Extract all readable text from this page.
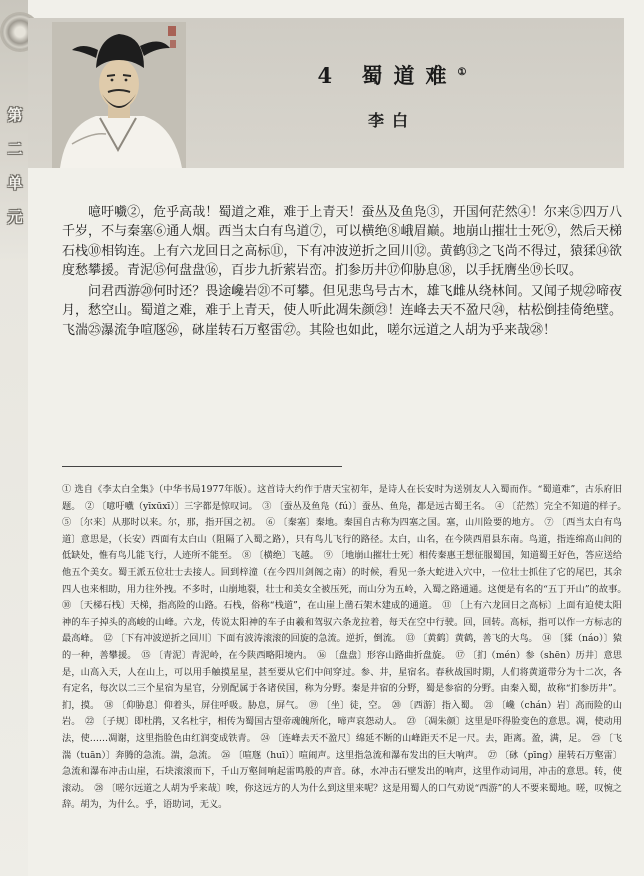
第二单元
4 蜀道难①
李白

噫吁嚱②，危乎高哉！蜀道之难，难于上青天！蚕丛及鱼凫③，开国何茫然④！尔来⑤四万八千岁，不与秦塞⑥通人烟。西当太白有鸟道⑦，可以横绝⑧峨眉巅。地崩山摧壮士死⑨，然后天梯石栈⑩相钩连。上有六龙回日之高标⑪，下有冲波逆折之回川⑫。黄鹤⑬之飞尚不得过，猿猱⑭欲度愁攀援。青泥⑮何盘盘⑯，百步九折萦岩峦。扪参历井⑰仰胁息⑱，以手抚膺坐⑲长叹。

问君西游⑳何时还？畏途巉岩㉑不可攀。但见悲鸟号古木，雄飞雌从绕林间。又闻子规㉒啼夜月，愁空山。蜀道之难，难于上青天，使人听此凋朱颜㉓！连峰去天不盈尺㉔，枯松倒挂倚绝壁。飞湍㉕瀑流争喧豗㉖，砯崖转石万壑雷㉗。其险也如此，嗟尔远道之人胡为乎来哉㉘！

① 选自《李太白全集》（中华书局1977年版）。这首诗大约作于唐天宝初年，是诗人在长安时为送别友人入蜀而作。“蜀道难”，古乐府旧题。　② 〔噫吁嚱（yīxūxī）〕三字都是惊叹词。　③ 〔蚕丛及鱼凫（fú）〕蚕丛、鱼凫，都是远古蜀王名。　④ 〔茫然〕完全不知道的样子。　⑤ 〔尔来〕从那时以来。尔，那，指开国之初。　⑥ 〔秦塞〕秦地。秦国自古称为四塞之国。塞，山川险要的地方。　⑦ 〔西当太白有鸟道〕意思是，（长安）西面有太白山（阻隔了入蜀之路），只有鸟儿飞行的路径。太白，山名，在今陕西眉县东南。鸟道，指连绵高山间的低缺处，惟有鸟儿能飞行，人迹所不能至。　⑧ 〔横绝〕飞越。　⑨ 〔地崩山摧壮士死〕相传秦惠王想征服蜀国，知道蜀王好色，答应送给他五个美女。蜀王派五位壮士去接人。回到梓潼（在今四川剑阁之南）的时候，看见一条大蛇进入穴中，一位壮士抓住了它的尾巴，其余四人也来相助，用力往外拽。不多时，山崩地裂，壮士和美女全被压死，而山分为五岭，入蜀之路通通。这便是有名的“五丁开山”的故事。　⑩ 〔天梯石栈〕天梯，指高险的山路。石栈，俗称“栈道”，在山崖上凿石架木建成的通道。　⑪ 〔上有六龙回日之高标〕上面有迫使太阳神的车子掉头的高峻的山峰。六龙，传说太阳神的车子由羲和驾驭六条龙拉着，每天在空中行驶。回，回转。高标，指可以作一方标志的最高峰。　⑫ 〔下有冲波逆折之回川〕下面有波涛滚滚的回旋的急流。逆折，倒流。　⑬ 〔黄鹤〕黄鹤，善飞的大鸟。　⑭ 〔猱（náo）〕猿的一种，善攀援。　⑮ 〔青泥〕青泥岭，在今陕西略阳境内。　⑯ 〔盘盘〕形容山路曲折盘旋。　⑰ 〔扪（mén）参（shēn）历井〕意思是，山高入天，人在山上，可以用手触摸星星，甚至要从它们中间穿过。参、井，星宿名。春秋战国时期，人们将黄道带分为十二次，各有定名，每次以二三个星宿为星官，分别配属于各诸侯国，称为分野。秦是井宿的分野，蜀是参宿的分野。由秦入蜀，故称“扪参历井”。扪，摸。　⑱ 〔仰胁息〕仰着头，屏住呼吸。胁息，屏气。　⑲ 〔坐〕徒，空。　⑳ 〔西游〕指入蜀。　㉑ 〔巉（chán）岩〕高而险的山岩。　㉒ 〔子规〕即杜鹃，又名杜宇，相传为蜀国古望帝魂魄所化，啼声哀怨动人。　㉓ 〔凋朱颜〕这里是吓得脸变色的意思。凋，使动用法，使……凋谢，这里指脸色由红润变成铁青。　㉔ 〔连峰去天不盈尺〕绵延不断的山峰距天不足一尺。去，距离。盈，满，足。　㉕ 〔飞湍（tuān）〕奔腾的急流。湍，急流。　㉖ 〔喧豗（huī）〕喧闹声。这里指急流和瀑布发出的巨大响声。　㉗ 〔砯（pīng）崖转石万壑雷〕急流和瀑布冲击山崖，石块滚滚而下，千山万壑间响起雷鸣般的声音。砯，水冲击石壁发出的响声，这里作动词用，冲击的意思。转，使滚动。　㉘ 〔嗟尔远道之人胡为乎来哉〕唉，你这远方的人为什么到这里来呢？这是用蜀人的口气劝说“西游”的人不要来蜀地。嗟，叹惋之辞。胡为，为什么。乎，语助词，无义。
